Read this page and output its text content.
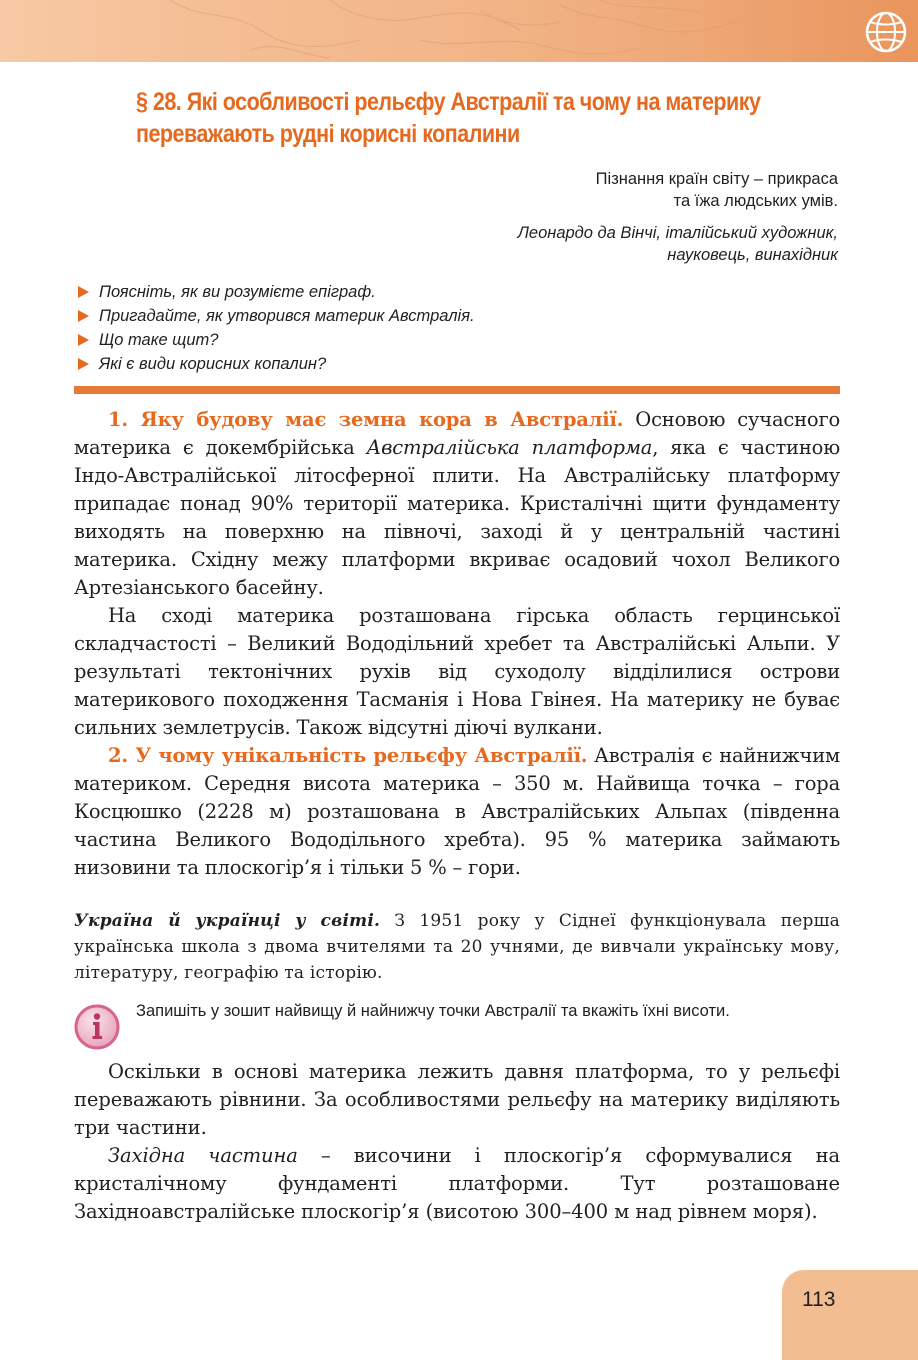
§ 28. Які особливості рельєфу Австралії та чому на материку
переважають рудні корисні копалини
Пізнання країн світу – прикраса
та їжа людських умів.
Леонардо да Вінчі, італійський художник,
науковець, винахідник
Поясніть, як ви розумієте епіграф.
Пригадайте, як утворився материк Австралія.
Що таке щит?
Які є види корисних копалин?

1. Яку будову має земна кора в Австралії. Основою сучасного материка є докембрійська Австралійська платформа, яка є частиною Індо-Австралійської літосферної плити. На Австралійську платформу припадає понад 90% території материка. Кристалічні щити фундаменту виходять на поверхню на півночі, заході й у центральній частині материка. Східну межу платформи вкриває осадовий чохол Великого Артезіанського басейну.

На сході материка розташована гірська область герцинської складчастості – Великий Вододільний хребет та Австралійські Альпи. У результаті тектонічних рухів від суходолу відділилися острови материкового походження Тасманія і Нова Гвінея. На материку не буває сильних землетрусів. Також відсутні діючі вулкани.

2. У чому унікальність рельєфу Австралії. Австралія є найнижчим материком. Середня висота материка – 350 м. Найвища точка – гора Косцюшко (2228 м) розташована в Австралійських Альпах (південна частина Великого Вододільного хребта). 95 % материка займають низовини та плоскогір’я і тільки 5 % – гори.

Україна й українці у світі. З 1951 року у Сіднеї функціонувала перша українська школа з двома вчителями та 20 учнями, де вивчали українську мову, літературу, географію та історію.

Запишіть у зошит найвищу й найнижчу точки Австралії та вкажіть їхні висоти.

Оскільки в основі материка лежить давня платформа, то у рельєфі переважають рівнини. За особливостями рельєфу на материку виділяють три частини.

Західна частина – височини і плоскогір’я сформувалися на кристалічному фундаменті платформи. Тут розташоване Західноавстралійське плоскогір’я (висотою 300–400 м над рівнем моря).

113
